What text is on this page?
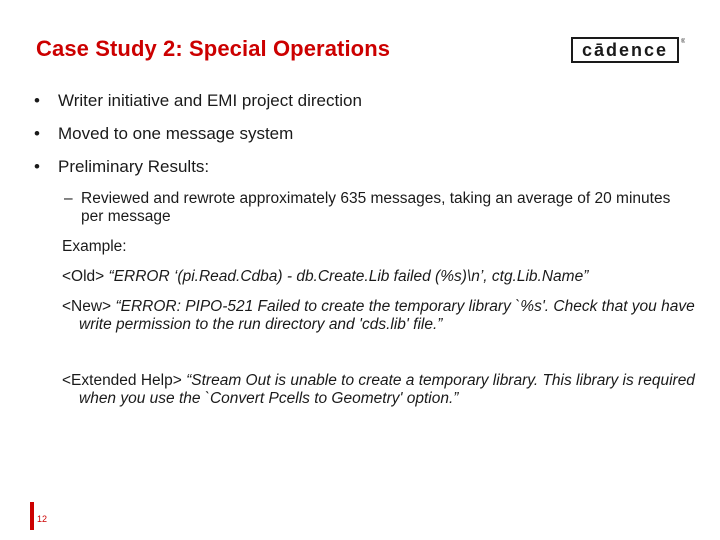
Case Study 2: Special Operations	cādence ®
• Writer initiative and EMI project direction
• Moved to one message system
• Preliminary Results:
– Reviewed and rewrote approximately 635 messages, taking an average of 20 minutes per message
Example:
<Old> “ERROR ‘(pi.Read.Cdba) - db.Create.Lib failed (%s)\n’, ctg.Lib.Name”
<New> “ERROR: PIPO-521 Failed to create the temporary library `%s'. Check that you have write permission to the run directory and 'cds.lib' file.”
<Extended Help> “Stream Out is unable to create a temporary library. This library is required when you use the `Convert Pcells to Geometry' option.”
12
